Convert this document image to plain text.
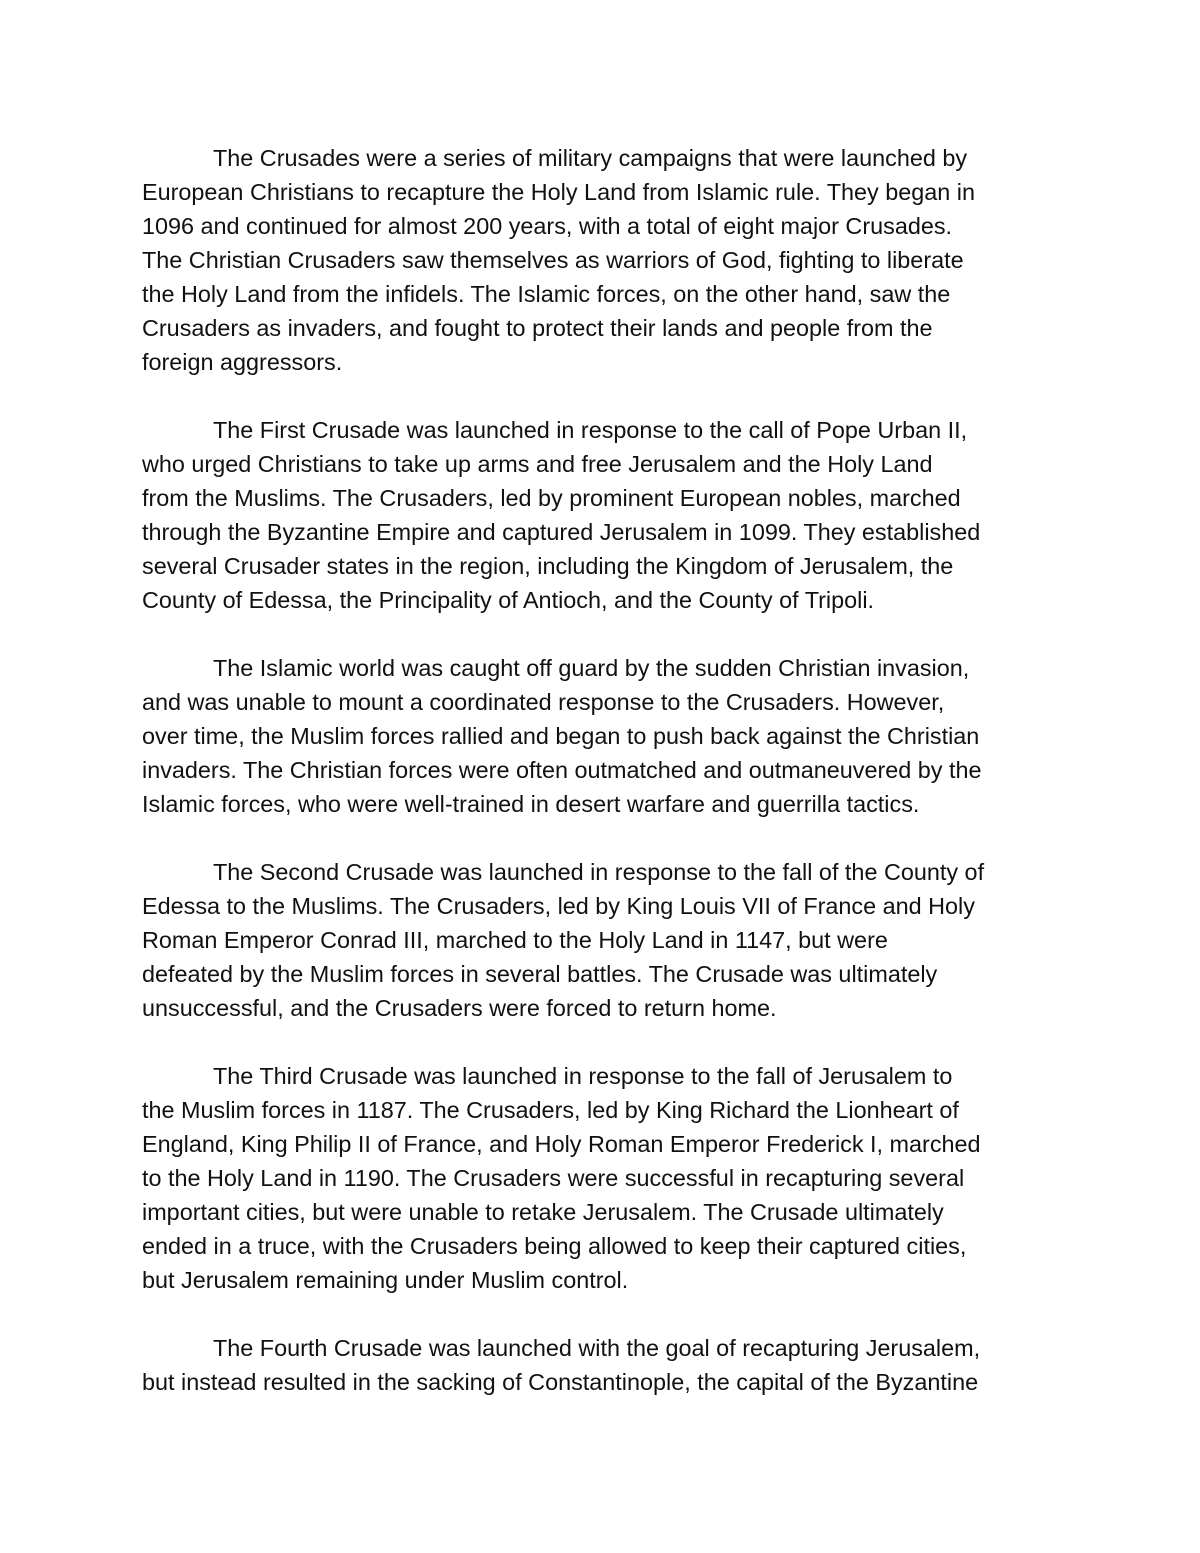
The Crusades were a series of military campaigns that were launched by
European Christians to recapture the Holy Land from Islamic rule. They began in
1096 and continued for almost 200 years, with a total of eight major Crusades.
The Christian Crusaders saw themselves as warriors of God, fighting to liberate
the Holy Land from the infidels. The Islamic forces, on the other hand, saw the
Crusaders as invaders, and fought to protect their lands and people from the
foreign aggressors.

The First Crusade was launched in response to the call of Pope Urban II,
who urged Christians to take up arms and free Jerusalem and the Holy Land
from the Muslims. The Crusaders, led by prominent European nobles, marched
through the Byzantine Empire and captured Jerusalem in 1099. They established
several Crusader states in the region, including the Kingdom of Jerusalem, the
County of Edessa, the Principality of Antioch, and the County of Tripoli.

The Islamic world was caught off guard by the sudden Christian invasion,
and was unable to mount a coordinated response to the Crusaders. However,
over time, the Muslim forces rallied and began to push back against the Christian
invaders. The Christian forces were often outmatched and outmaneuvered by the
Islamic forces, who were well-trained in desert warfare and guerrilla tactics.

The Second Crusade was launched in response to the fall of the County of
Edessa to the Muslims. The Crusaders, led by King Louis VII of France and Holy
Roman Emperor Conrad III, marched to the Holy Land in 1147, but were
defeated by the Muslim forces in several battles. The Crusade was ultimately
unsuccessful, and the Crusaders were forced to return home.

The Third Crusade was launched in response to the fall of Jerusalem to
the Muslim forces in 1187. The Crusaders, led by King Richard the Lionheart of
England, King Philip II of France, and Holy Roman Emperor Frederick I, marched
to the Holy Land in 1190. The Crusaders were successful in recapturing several
important cities, but were unable to retake Jerusalem. The Crusade ultimately
ended in a truce, with the Crusaders being allowed to keep their captured cities,
but Jerusalem remaining under Muslim control.

The Fourth Crusade was launched with the goal of recapturing Jerusalem,
but instead resulted in the sacking of Constantinople, the capital of the Byzantine
